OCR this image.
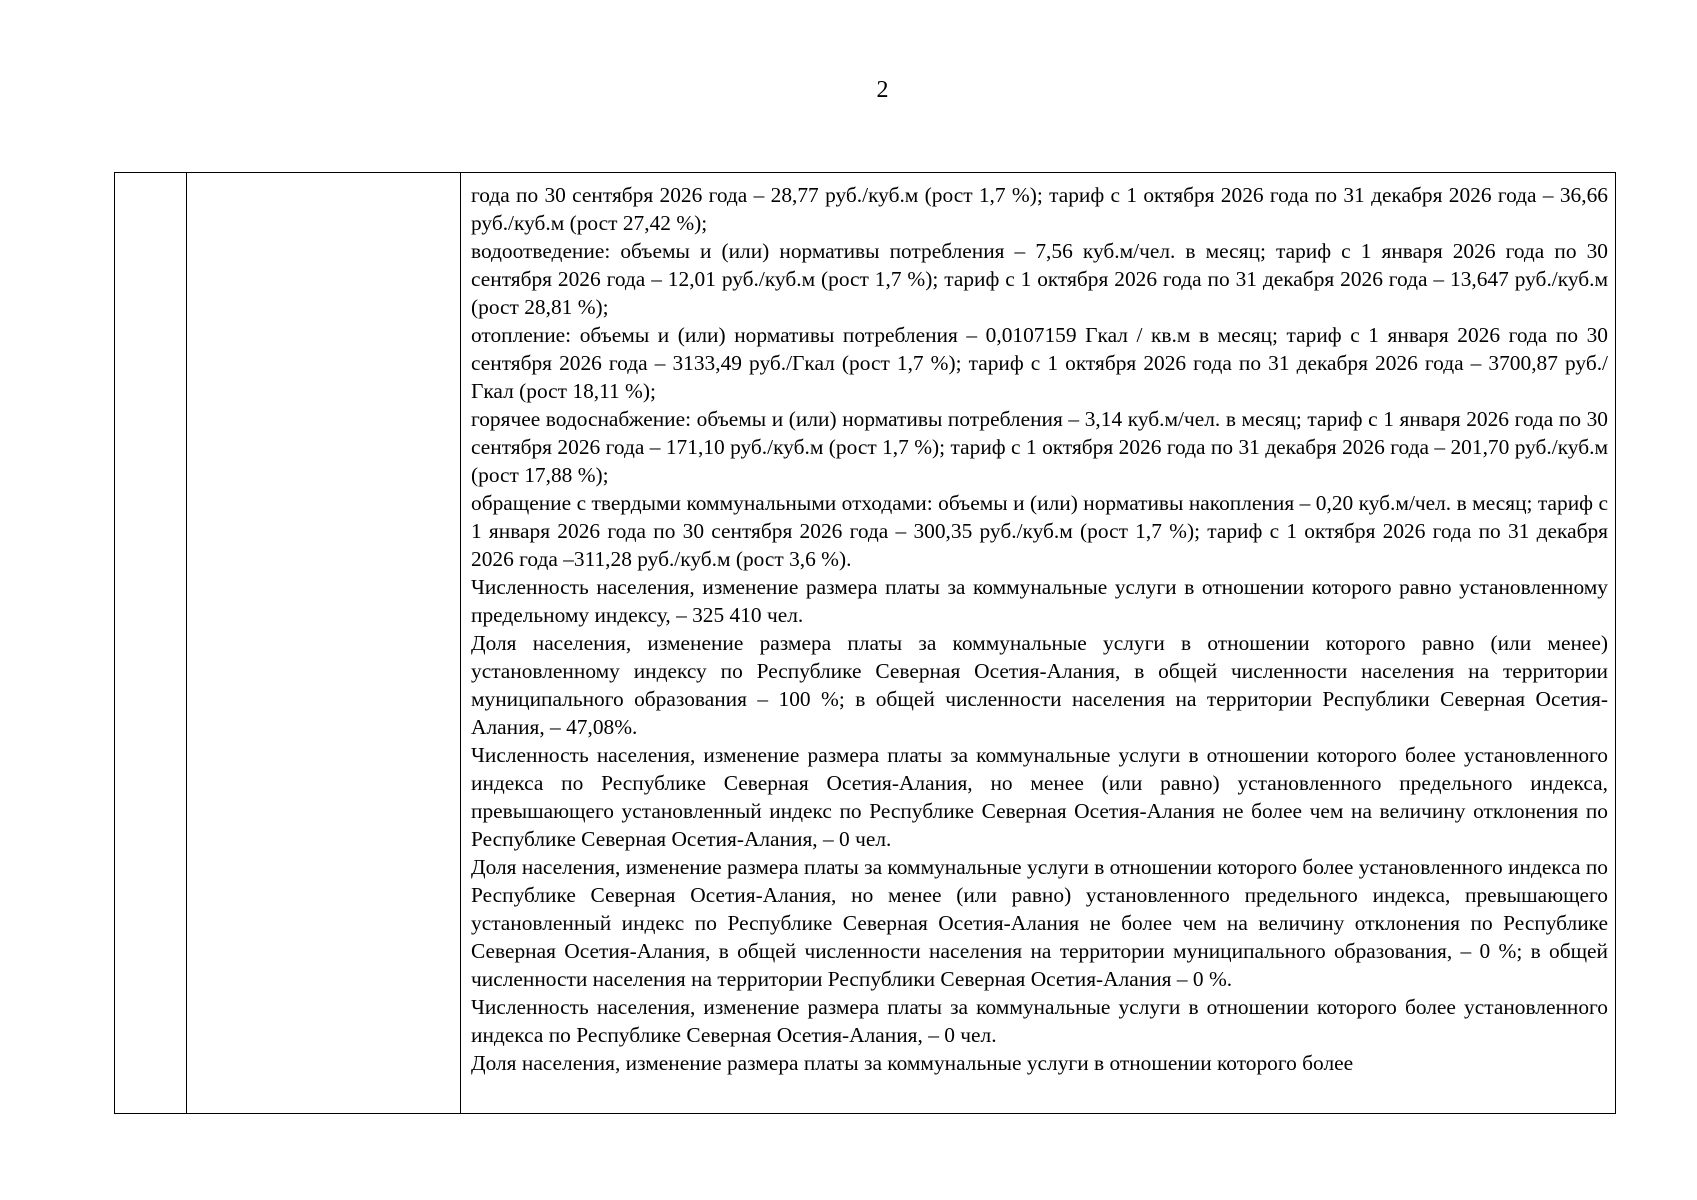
2

года по 30 сентября 2026 года – 28,77 руб./куб.м (рост 1,7 %); тариф с 1 октября 2026 года по 31 декабря 2026 года – 36,66 руб./куб.м (рост 27,42 %);

водоотведение: объемы и (или) нормативы потребления – 7,56 куб.м/чел. в месяц; тариф с 1 января 2026 года по 30 сентября 2026 года – 12,01 руб./куб.м (рост 1,7 %); тариф с 1 октября 2026 года по 31 декабря 2026 года – 13,647 руб./куб.м (рост 28,81 %);

отопление: объемы и (или) нормативы потребления – 0,0107159 Гкал / кв.м в месяц; тариф с 1 января 2026 года по 30 сентября 2026 года – 3133,49 руб./Гкал (рост 1,7 %); тариф с 1 октября 2026 года по 31 декабря 2026 года – 3700,87 руб./Гкал (рост 18,11 %);

горячее водоснабжение: объемы и (или) нормативы потребления – 3,14 куб.м/чел. в месяц; тариф с 1 января 2026 года по 30 сентября 2026 года – 171,10 руб./куб.м (рост 1,7 %); тариф с 1 октября 2026 года по 31 декабря 2026 года – 201,70 руб./куб.м (рост 17,88 %);

обращение с твердыми коммунальными отходами: объемы и (или) нормативы накопления – 0,20 куб.м/чел. в месяц; тариф с 1 января 2026 года по 30 сентября 2026 года – 300,35 руб./куб.м (рост 1,7 %); тариф с 1 октября 2026 года по 31 декабря 2026 года –311,28 руб./куб.м (рост 3,6 %).

Численность населения, изменение размера платы за коммунальные услуги в отношении которого равно установленному предельному индексу, – 325 410 чел.

Доля населения, изменение размера платы за коммунальные услуги в отношении которого равно (или менее) установленному индексу по Республике Северная Осетия-Алания, в общей численности населения на территории муниципального образования – 100 %; в общей численности населения на территории Республики Северная Осетия-Алания, – 47,08%.

Численность населения, изменение размера платы за коммунальные услуги в отношении которого более установленного индекса по Республике Северная Осетия-Алания, но менее (или равно) установленного предельного индекса, превышающего установленный индекс по Республике Северная Осетия-Алания не более чем на величину отклонения по Республике Северная Осетия-Алания, – 0 чел.

Доля населения, изменение размера платы за коммунальные услуги в отношении которого более установленного индекса по Республике Северная Осетия-Алания, но менее (или равно) установленного предельного индекса, превышающего установленный индекс по Республике Северная Осетия-Алания не более чем на величину отклонения по Республике Северная Осетия-Алания, в общей численности населения на территории муниципального образования, – 0 %; в общей численности населения на территории Республики Северная Осетия-Алания – 0 %.

Численность населения, изменение размера платы за коммунальные услуги в отношении которого более установленного индекса по Республике Северная Осетия-Алания, – 0 чел.

Доля населения, изменение размера платы за коммунальные услуги в отношении которого более
